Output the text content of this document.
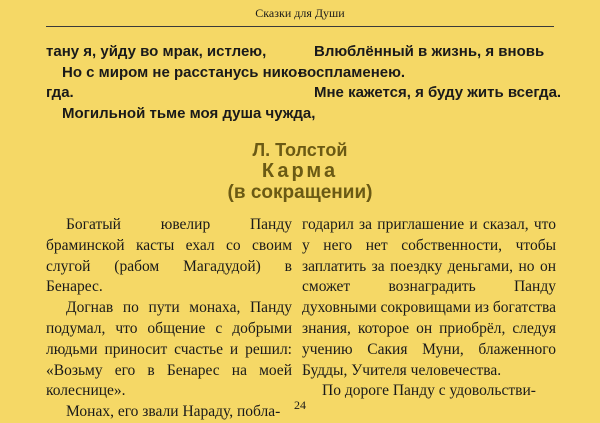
Сказки для Души
тану я, уйду во мрак, истлею,
Но с миром не расстанусь нико-
гда.
Могильной тьме моя душа чужда,
Влюблённый в жизнь, я вновь
воспламенею.
Мне кажется, я буду жить всегда.
Л. Толстой
Карма
(в сокращении)

Богатый ювелир Панду браминской касты ехал со своим слугой (рабом Магадудой) в Бенарес.

Догнав по пути монаха, Панду подумал, что общение с добрыми людьми приносит счастье и решил: «Возьму его в Бенарес на моей колеснице».

Монах, его звали Нараду, побла-

годарил за приглашение и сказал, что у него нет собственности, чтобы заплатить за поездку деньгами, но он сможет вознаградить Панду духовными сокровищами из богатства знания, которое он приобрёл, следуя учению Сакия Муни, блаженного Будды, Учителя человечества.

По дороге Панду с удовольстви-

24
